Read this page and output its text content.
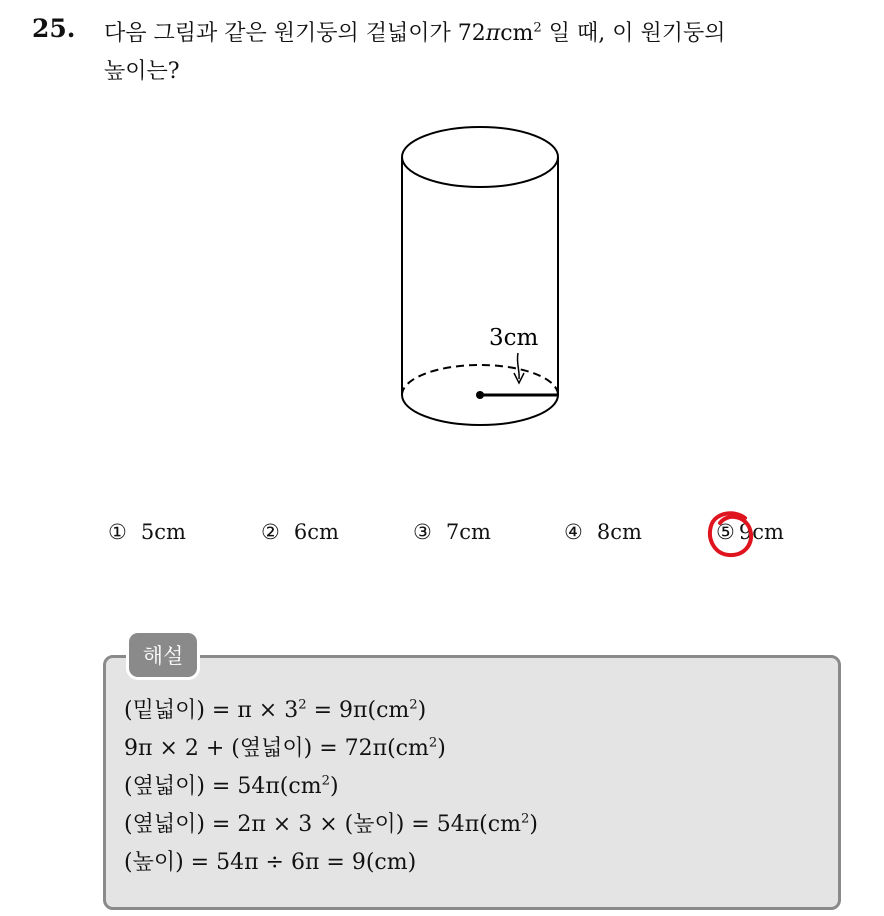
25. 다음 그림과 같은 원기둥의 겉넓이가 72πcm$^2$ 일 때, 이 원기둥의
높이는?
3cm
① 5cm	② 6cm	③ 7cm	④ 8cm	⑤ 9cm
해설
(밑넓이) = $\pi \times 3^2 = 9\pi(cm^2)$
9π × 2 + (옆넓이) = $72\pi(cm^2)$
(옆넓이) = $54\pi(cm^2)$
(옆넓이) = 2π × 3 × (높이) = $54\pi(cm^2)$
(높이) = 54π ÷ 6π = 9(cm)
